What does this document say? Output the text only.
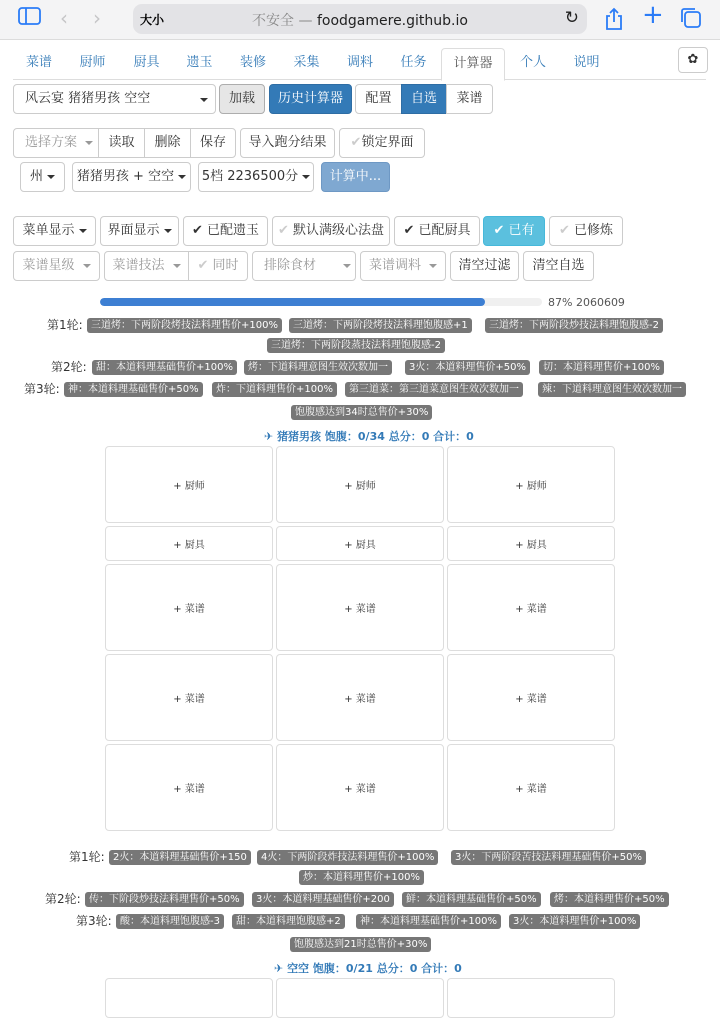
‹ ›	大小	不安全 — foodgamere.github.io	↻ +
菜谱	厨师	厨具	遗玉	装修	采集	调料	任务	计算器	个人	说明	✿
风云宴 猪猪男孩 空空	加载	历史计算器	配置	自选	菜谱
选择方案	读取	删除	保存	导入跑分结果	✔锁定界面
州	猪猪男孩 + 空空	5档 2236500分	计算中...
菜单显示	界面显示	✔ 已配遗玉	✔ 默认满级心法盘	✔ 已配厨具	✔ 已有	✔ 已修炼
菜谱星级	菜谱技法	✔ 同时	排除食材	菜谱调料	清空过滤	清空自选
87% 2060609
第1轮: 三道烤：下两阶段烤技法料理售价+100%	三道烤：下两阶段烤技法料理饱腹感+1	三道烤：下两阶段炒技法料理饱腹感-2
三道烤：下两阶段蒸技法料理饱腹感-2
第2轮: 甜：本道料理基础售价+100%	烤：下道料理意图生效次数加一	3火：本道料理售价+50%	切：本道料理售价+100%
第3轮: 神：本道料理基础售价+50%	炸：下道料理售价+100%	第三道菜：第三道菜意图生效次数加一	辣：下道料理意图生效次数加一
饱腹感达到34时总售价+30%
✈ 猪猪男孩 饱腹：0/34 总分：0 合计：0
+ 厨师	+ 厨师	+ 厨师
+ 厨具	+ 厨具	+ 厨具
+ 菜谱	+ 菜谱	+ 菜谱
+ 菜谱	+ 菜谱	+ 菜谱
+ 菜谱	+ 菜谱	+ 菜谱
第1轮: 2火：本道料理基础售价+150	4火：下两阶段炸技法料理售价+100%	3火：下两阶段苦技法料理基础售价+50%
炒：本道料理售价+100%
第2轮: 传：下阶段炒技法料理售价+50%	3火：本道料理基础售价+200	鲜：本道料理基础售价+50%	烤：本道料理售价+50%
第3轮: 酸：本道料理饱腹感-3	甜：本道料理饱腹感+2	神：本道料理基础售价+100%	3火：本道料理售价+100%
饱腹感达到21时总售价+30%
✈ 空空 饱腹：0/21 总分：0 合计：0
